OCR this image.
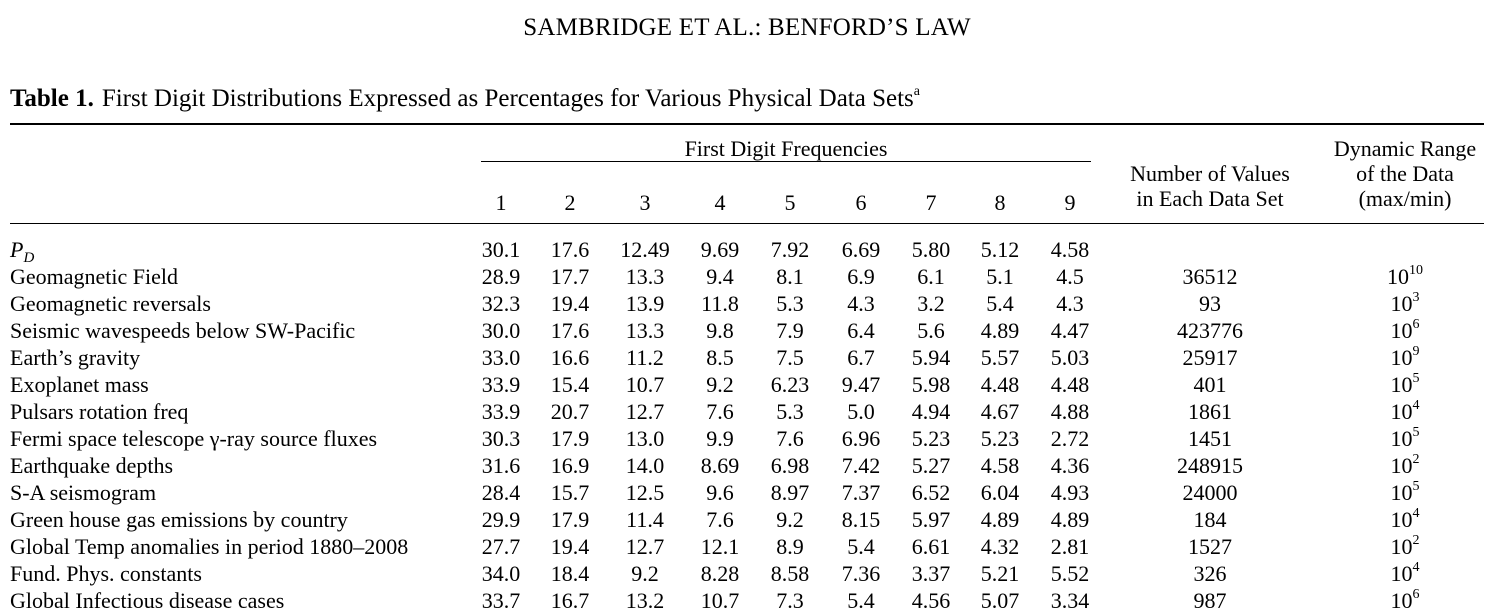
SAMBRIDGE ET AL.: BENFORD’S LAW
Table 1. First Digit Distributions Expressed as Percentages for Various Physical Data Sets$^a$
First Digit Frequencies
Number of Values
in Each Data Set
Dynamic Range
of the Data
(max/min)
1	2	3	4	5	6	7	8	9
$P_D$	30.1	17.6	12.49	9.69	7.92	6.69	5.80	5.12	4.58
Geomagnetic Field	28.9	17.7	13.3	9.4	8.1	6.9	6.1	5.1	4.5	36512	$10^{10}$
Geomagnetic reversals	32.3	19.4	13.9	11.8	5.3	4.3	3.2	5.4	4.3	93	$10^3$
Seismic wavespeeds below SW-Pacific	30.0	17.6	13.3	9.8	7.9	6.4	5.6	4.89	4.47	423776	$10^6$
Earth’s gravity	33.0	16.6	11.2	8.5	7.5	6.7	5.94	5.57	5.03	25917	$10^9$
Exoplanet mass	33.9	15.4	10.7	9.2	6.23	9.47	5.98	4.48	4.48	401	$10^5$
Pulsars rotation freq	33.9	20.7	12.7	7.6	5.3	5.0	4.94	4.67	4.88	1861	$10^4$
Fermi space telescope γ-ray source fluxes	30.3	17.9	13.0	9.9	7.6	6.96	5.23	5.23	2.72	1451	$10^5$
Earthquake depths	31.6	16.9	14.0	8.69	6.98	7.42	5.27	4.58	4.36	248915	$10^2$
S-A seismogram	28.4	15.7	12.5	9.6	8.97	7.37	6.52	6.04	4.93	24000	$10^5$
Green house gas emissions by country	29.9	17.9	11.4	7.6	9.2	8.15	5.97	4.89	4.89	184	$10^4$
Global Temp anomalies in period 1880–2008	27.7	19.4	12.7	12.1	8.9	5.4	6.61	4.32	2.81	1527	$10^2$
Fund. Phys. constants	34.0	18.4	9.2	8.28	8.58	7.36	3.37	5.21	5.52	326	$10^4$
Global Infectious disease cases	33.7	16.7	13.2	10.7	7.3	5.4	4.56	5.07	3.34	987	$10^6$
